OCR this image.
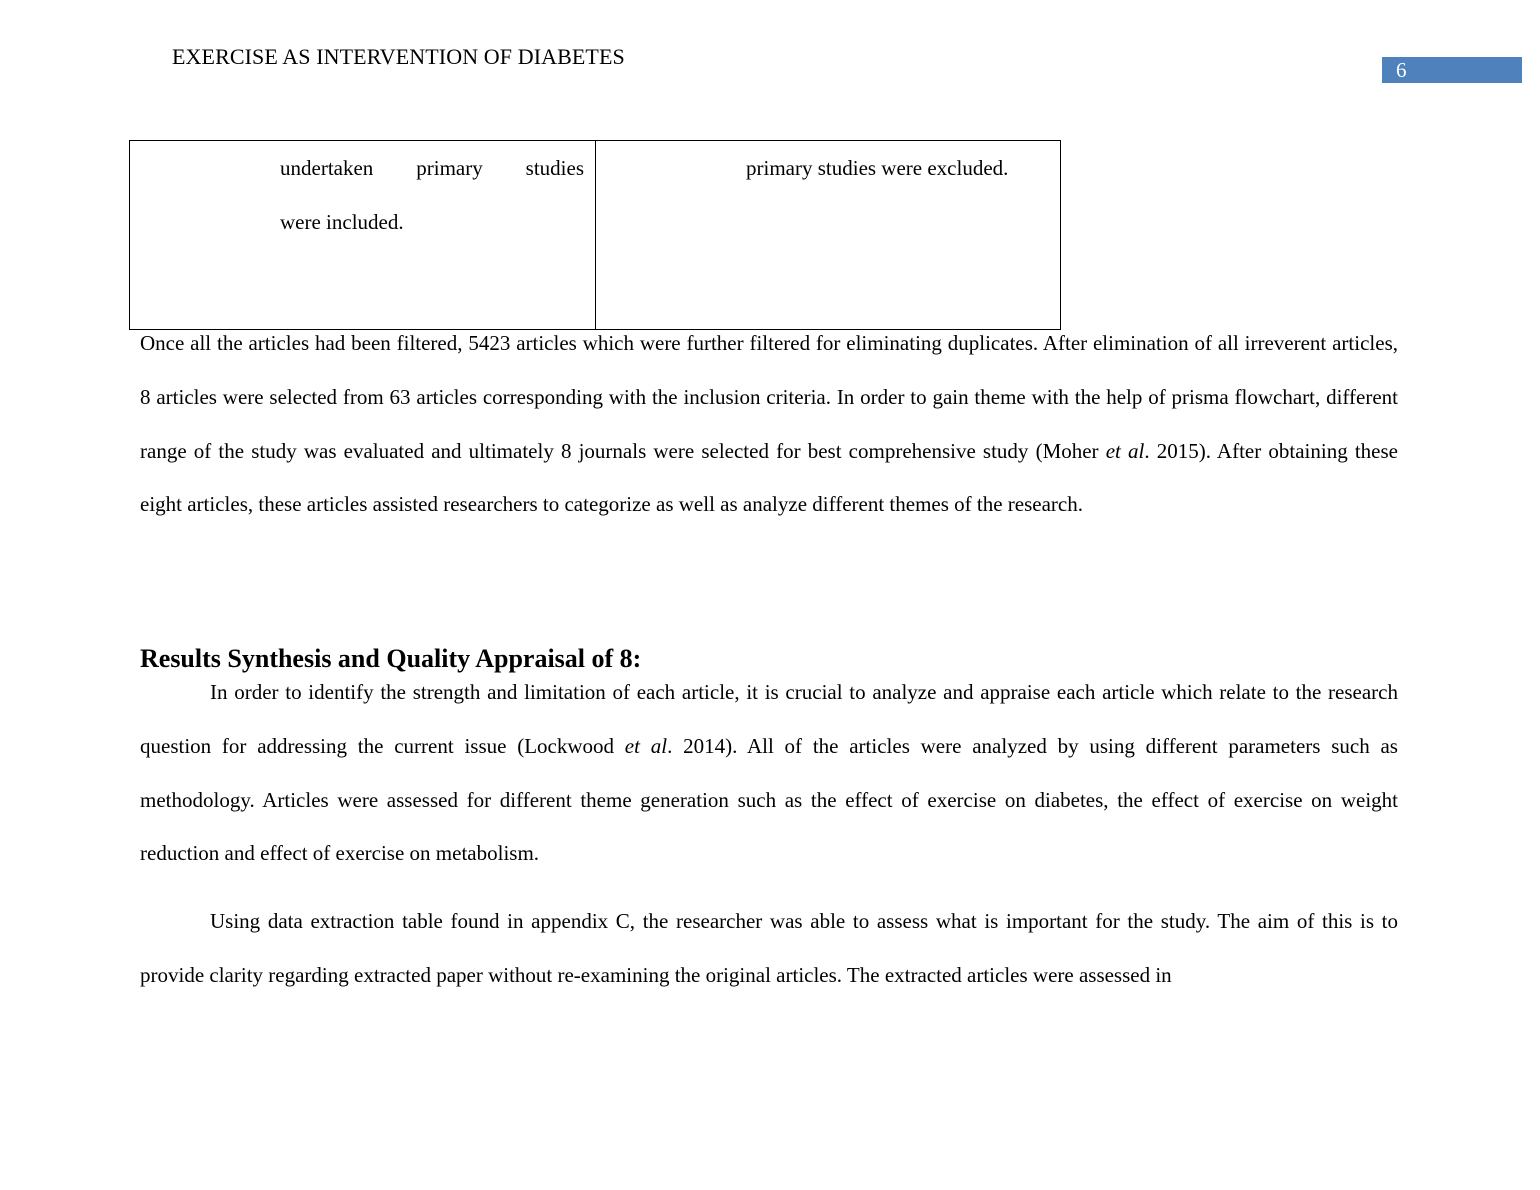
EXERCISE AS INTERVENTION OF DIABETES
6
undertaken primary studies
were included.
primary studies were excluded.

Once all the articles had been filtered, 5423 articles which were further filtered for eliminating duplicates. After elimination of all irreverent articles, 8 articles were selected from 63 articles corresponding with the inclusion criteria. In order to gain theme with the help of prisma flowchart, different range of the study was evaluated and ultimately 8 journals were selected for best comprehensive study (Moher et al. 2015). After obtaining these eight articles, these articles assisted researchers to categorize as well as analyze different themes of the research.

Results Synthesis and Quality Appraisal of 8:

In order to identify the strength and limitation of each article, it is crucial to analyze and appraise each article which relate to the research question for addressing the current issue (Lockwood et al. 2014). All of the articles were analyzed by using different parameters such as methodology. Articles were assessed for different theme generation such as the effect of exercise on diabetes, the effect of exercise on weight reduction and effect of exercise on metabolism.

Using data extraction table found in appendix C, the researcher was able to assess what is important for the study. The aim of this is to provide clarity regarding extracted paper without re-examining the original articles. The extracted articles were assessed in
